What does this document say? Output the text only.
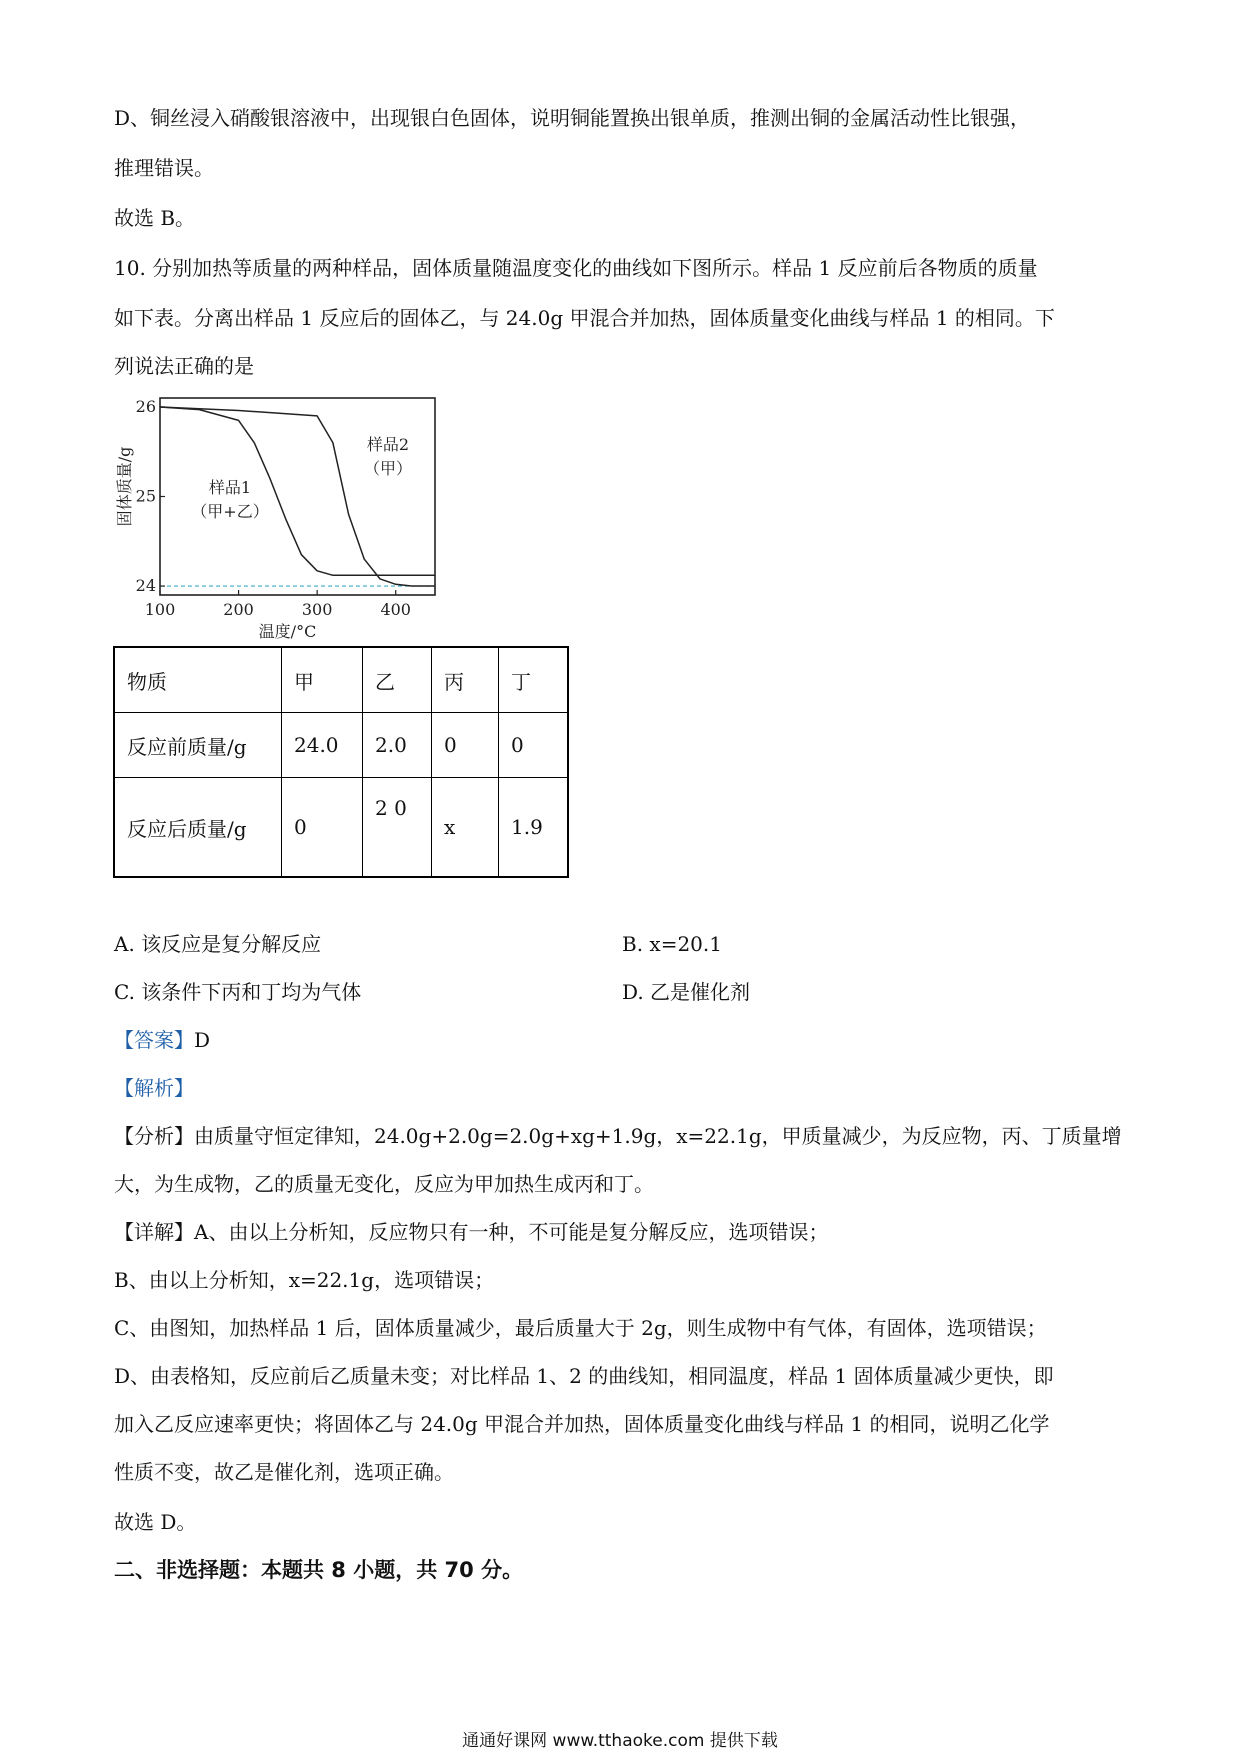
D、铜丝浸入硝酸银溶液中，出现银白色固体，说明铜能置换出银单质，推测出铜的金属活动性比银强，
推理错误。
故选 B。
10. 分别加热等质量的两种样品，固体质量随温度变化的曲线如下图所示。样品 1 反应前后各物质的质量
如下表。分离出样品 1 反应后的固体乙，与 24.0g 甲混合并加热，固体质量变化曲线与样品 1 的相同。下
列说法正确的是
100	200	300	400
24
25
26
温度/°C
固体质量/g	样品1
（甲+乙）
样品2
（甲）
物质	甲	乙	丙	丁
反应前质量/g	24.0	2.0	0	0
反应后质量/g	0	2 0	x	1.9
A. 该反应是复分解反应	B. x=20.1
C. 该条件下丙和丁均为气体	D. 乙是催化剂
【答案】D
【解析】
【分析】由质量守恒定律知，24.0g+2.0g=2.0g+xg+1.9g，x=22.1g，甲质量减少，为反应物，丙、丁质量增
大，为生成物，乙的质量无变化，反应为甲加热生成丙和丁。
【详解】A、由以上分析知，反应物只有一种，不可能是复分解反应，选项错误；
B、由以上分析知，x=22.1g，选项错误；
C、由图知，加热样品 1 后，固体质量减少，最后质量大于 2g，则生成物中有气体，有固体，选项错误；
D、由表格知，反应前后乙质量未变；对比样品 1、2 的曲线知，相同温度，样品 1 固体质量减少更快，即
加入乙反应速率更快；将固体乙与 24.0g 甲混合并加热，固体质量变化曲线与样品 1 的相同，说明乙化学
性质不变，故乙是催化剂，选项正确。
故选 D。
二、非选择题：本题共 8 小题，共 70 分。
通通好课网 www.tthaoke.com 提供下载
